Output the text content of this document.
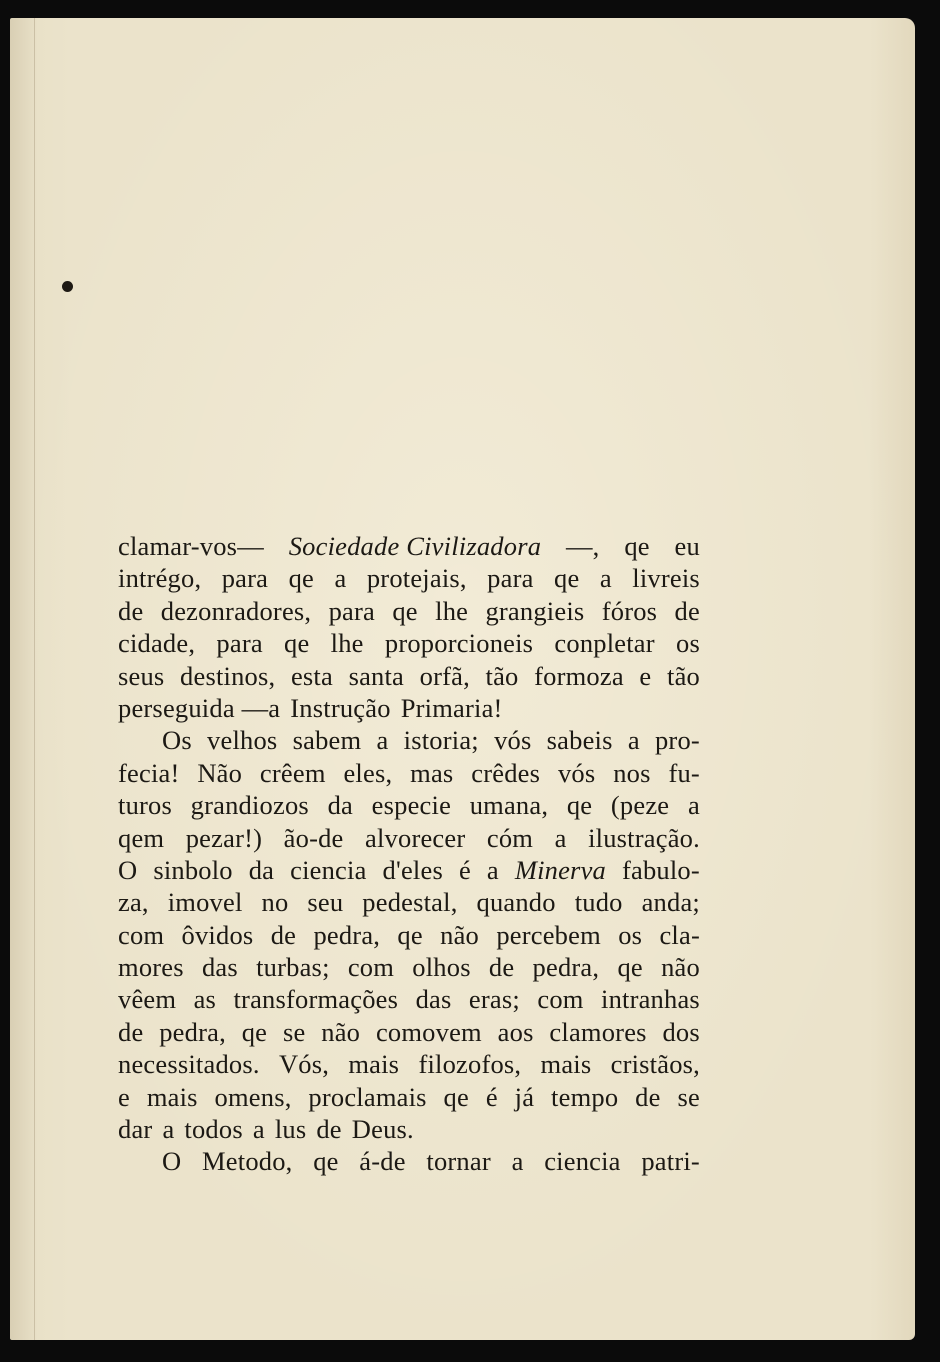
clamar-vos— Sociedade Civilizadora —, qe eu
intrégo, para qe a protejais, para qe a livreis
de dezonradores, para qe lhe grangieis fóros de
cidade, para qe lhe proporcioneis conpletar os
seus destinos, esta santa orfã, tão formoza e tão
perseguida —a Instrução Primaria!
Os velhos sabem a istoria; vós sabeis a pro-
fecia! Não crêem eles, mas crêdes vós nos fu-
turos grandiozos da especie umana, qe (peze a
qem pezar!) ão-de alvorecer cóm a ilustração.
O sinbolo da ciencia d'eles é a Minerva fabulo-
za, imovel no seu pedestal, quando tudo anda;
com ôvidos de pedra, qe não percebem os cla-
mores das turbas; com olhos de pedra, qe não
vêem as transformações das eras; com intranhas
de pedra, qe se não comovem aos clamores dos
necessitados. Vós, mais filozofos, mais cristãos,
e mais omens, proclamais qe é já tempo de se
dar a todos a lus de Deus.
O Metodo, qe á-de tornar a ciencia patri-
